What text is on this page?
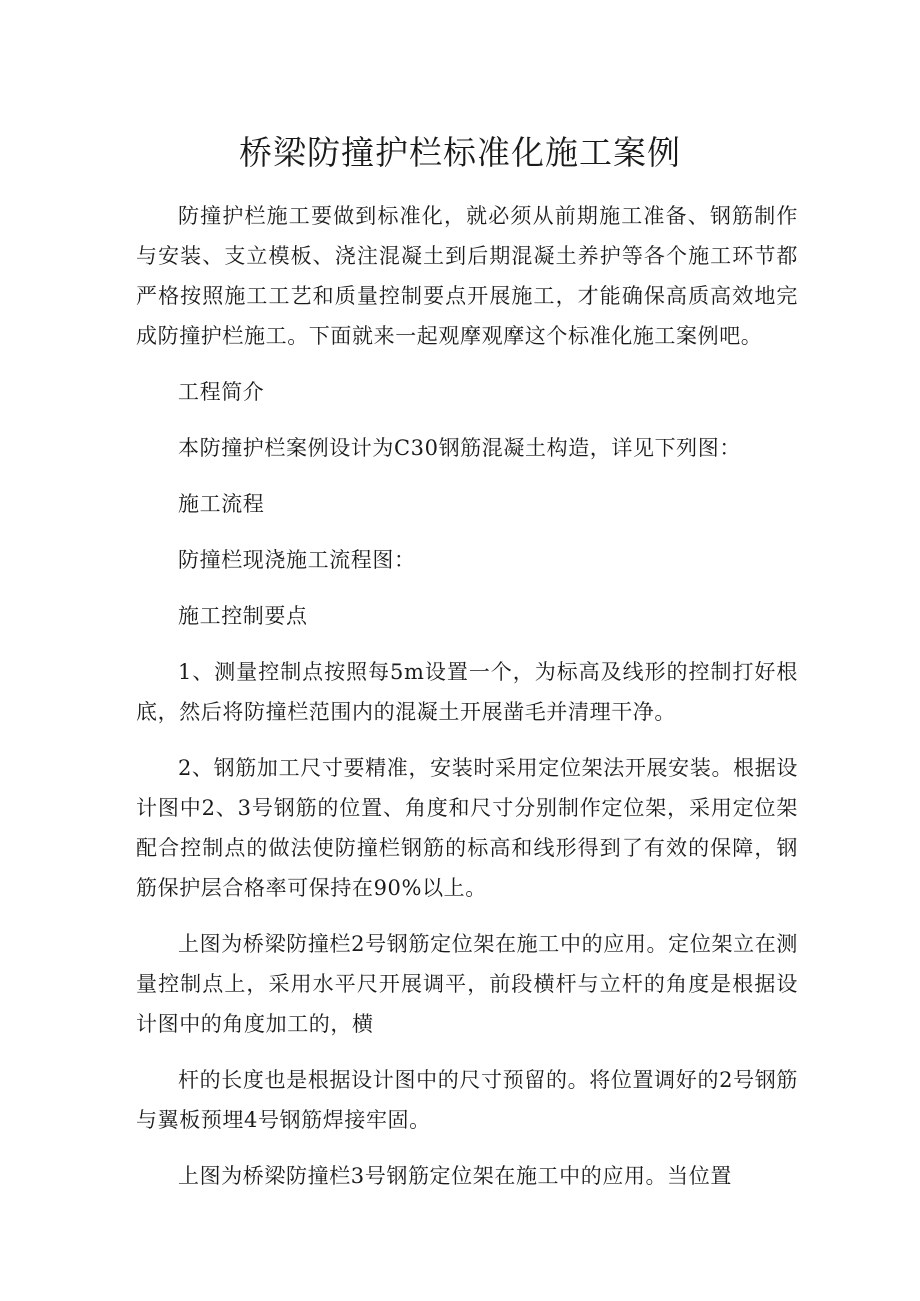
桥梁防撞护栏标准化施工案例

防撞护栏施工要做到标准化，就必须从前期施工准备、钢筋制作与安装、支立模板、浇注混凝土到后期混凝土养护等各个施工环节都严格按照施工工艺和质量控制要点开展施工，才能确保高质高效地完成防撞护栏施工。下面就来一起观摩观摩这个标准化施工案例吧。

工程简介

本防撞护栏案例设计为C30钢筋混凝土构造，详见下列图：

施工流程

防撞栏现浇施工流程图：

施工控制要点

1、测量控制点按照每5m设置一个，为标高及线形的控制打好根底，然后将防撞栏范围内的混凝土开展凿毛并清理干净。

2、钢筋加工尺寸要精准，安装时采用定位架法开展安装。根据设计图中2、3号钢筋的位置、角度和尺寸分别制作定位架，采用定位架配合控制点的做法使防撞栏钢筋的标高和线形得到了有效的保障，钢筋保护层合格率可保持在90%以上。

上图为桥梁防撞栏2号钢筋定位架在施工中的应用。定位架立在测量控制点上，采用水平尺开展调平，前段横杆与立杆的角度是根据设计图中的角度加工的，横

杆的长度也是根据设计图中的尺寸预留的。将位置调好的2号钢筋与翼板预埋4号钢筋焊接牢固。

上图为桥梁防撞栏3号钢筋定位架在施工中的应用。当位置
